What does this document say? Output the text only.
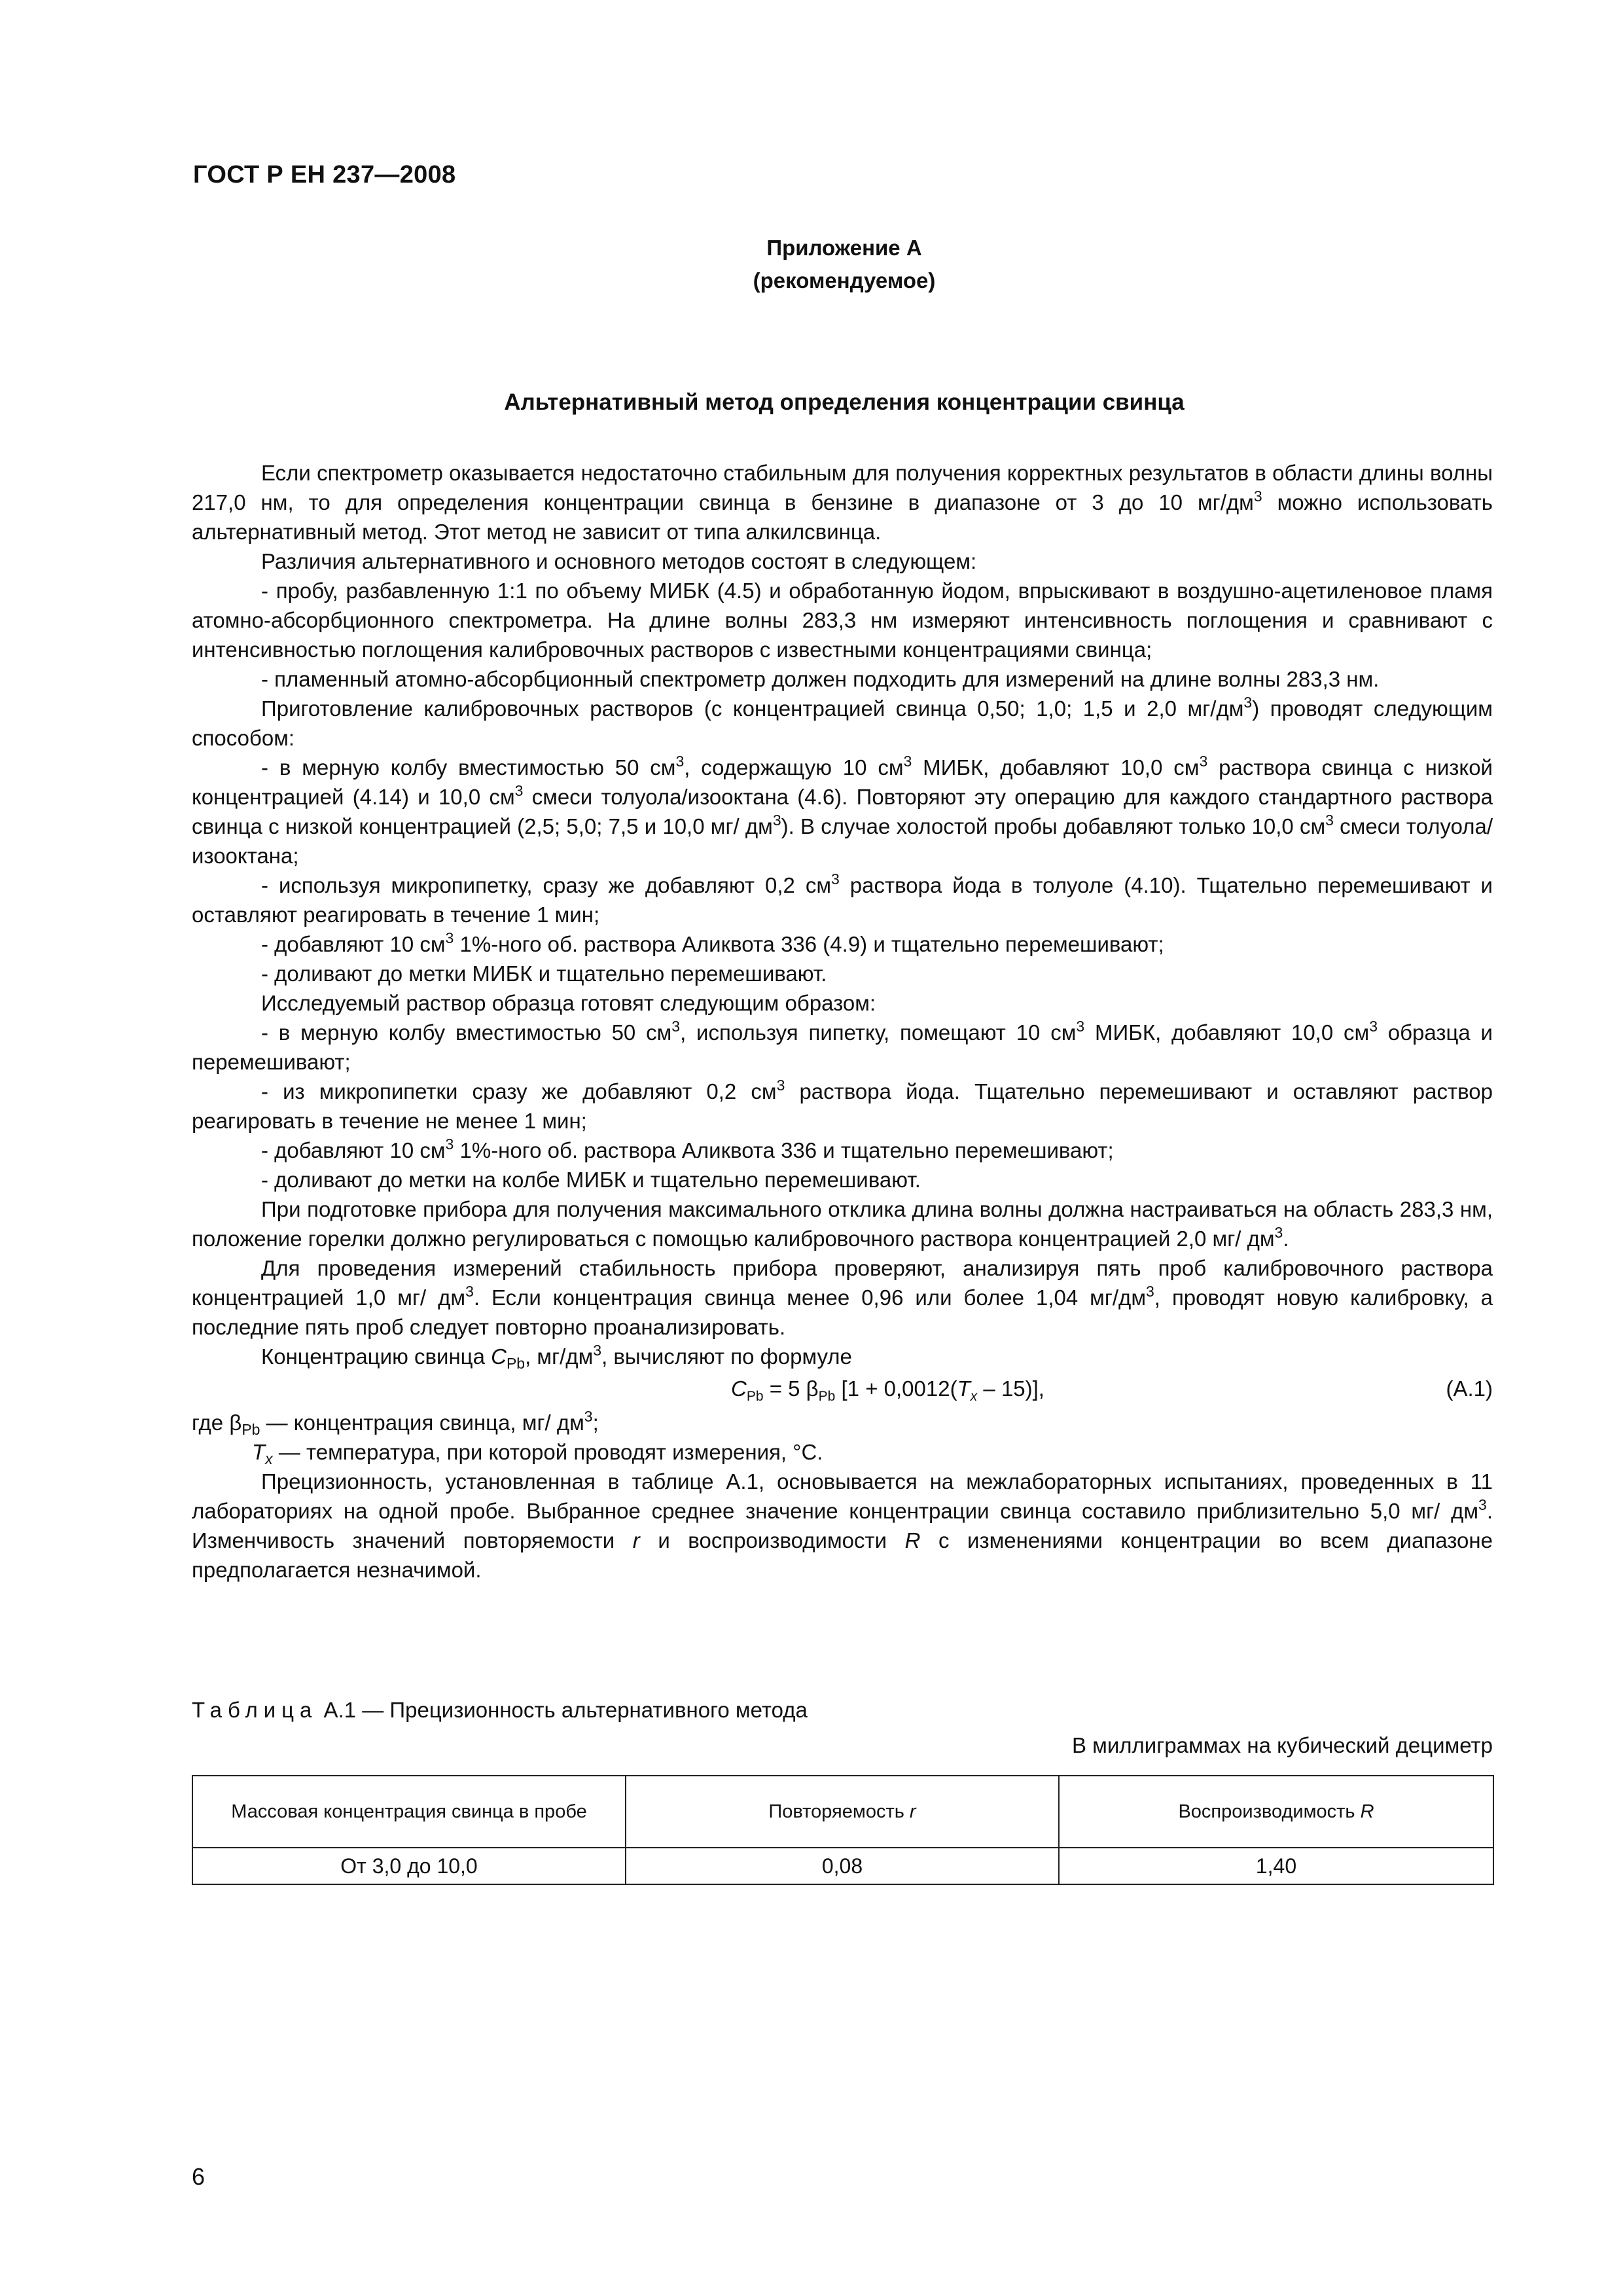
ГОСТ Р ЕН 237—2008
Приложение А
(рекомендуемое)
Альтернативный метод определения концентрации свинца

Если спектрометр оказывается недостаточно стабильным для получения корректных результатов в области длины волны 217,0 нм, то для определения концентрации свинца в бензине в диапазоне от 3 до 10 $мг/дм^3$ можно использовать альтернативный метод. Этот метод не зависит от типа алкилсвинца.

Различия альтернативного и основного методов состоят в следующем:

- пробу, разбавленную 1:1 по объему МИБК (4.5) и обработанную йодом, впрыскивают в воздушно-ацетиленовое пламя атомно-абсорбционного спектрометра. На длине волны 283,3 нм измеряют интенсивность поглощения и сравнивают с интенсивностью поглощения калибровочных растворов с известными концентрациями свинца;

- пламенный атомно-абсорбционный спектрометр должен подходить для измерений на длине волны 283,3 нм.

Приготовление калибровочных растворов (с концентрацией свинца 0,50; 1,0; 1,5 и 2,0 $мг/дм^3$) проводят следующим способом:

- в мерную колбу вместимостью 50 $см^3$, содержащую 10 $см^3$ МИБК, добавляют 10,0 $см^3$ раствора свинца с низкой концентрацией (4.14) и 10,0 $см^3$ смеси толуола/изооктана (4.6). Повторяют эту операцию для каждого стандартного раствора свинца с низкой концентрацией (2,5; 5,0; 7,5 и 10,0 мг/ $дм^3$). В случае холостой пробы добавляют только 10,0 $см^3$ смеси толуола/изооктана;

- используя микропипетку, сразу же добавляют 0,2 $см^3$ раствора йода в толуоле (4.10). Тщательно перемешивают и оставляют реагировать в течение 1 мин;

- добавляют 10 $см^3$ 1%-ного об. раствора Аликвота 336 (4.9) и тщательно перемешивают;

- доливают до метки МИБК и тщательно перемешивают.

Исследуемый раствор образца готовят следующим образом:

- в мерную колбу вместимостью 50 $см^3$, используя пипетку, помещают 10 $см^3$ МИБК, добавляют 10,0 $см^3$ образца и перемешивают;

- из микропипетки сразу же добавляют 0,2 $см^3$ раствора йода. Тщательно перемешивают и оставляют раствор реагировать в течение не менее 1 мин;

- добавляют 10 $см^3$ 1%-ного об. раствора Аликвота 336 и тщательно перемешивают;

- доливают до метки на колбе МИБК и тщательно перемешивают.

При подготовке прибора для получения максимального отклика длина волны должна настраиваться на область 283,3 нм, положение горелки должно регулироваться с помощью калибровочного раствора концентрацией 2,0 мг/ $дм^3$.

Для проведения измерений стабильность прибора проверяют, анализируя пять проб калибровочного раствора концентрацией 1,0 мг/ $дм^3$. Если концентрация свинца менее 0,96 или более 1,04 $мг/дм^3$, проводят новую калибровку, а последние пять проб следует повторно проанализировать.

Концентрацию свинца $C_{Pb}$, $мг/дм^3$, вычисляют по формуле

$C_{Pb} = 5$ $\beta_{Pb}$ $[1 + 0,0012(T_x - 15)]$,	(А.1)

где $\beta_{Pb}$ — концентрация свинца, мг/ $дм^3$;

$T_x$ — температура, при которой проводят измерения, °С.

Прецизионность, установленная в таблице А.1, основывается на межлабораторных испытаниях, проведенных в 11 лабораториях на одной пробе. Выбранное среднее значение концентрации свинца составило приблизительно 5,0 мг/ $дм^3$. Изменчивость значений повторяемости r и воспроизводимости R с изменениями концентрации во всем диапазоне предполагается незначимой.

Таблица А.1 — Прецизионность альтернативного метода
В миллиграммах на кубический дециметр
Массовая концентрация свинца в пробе	Повторяемость r	Воспроизводимость R
От 3,0 до 10,0	0,08	1,40
6
